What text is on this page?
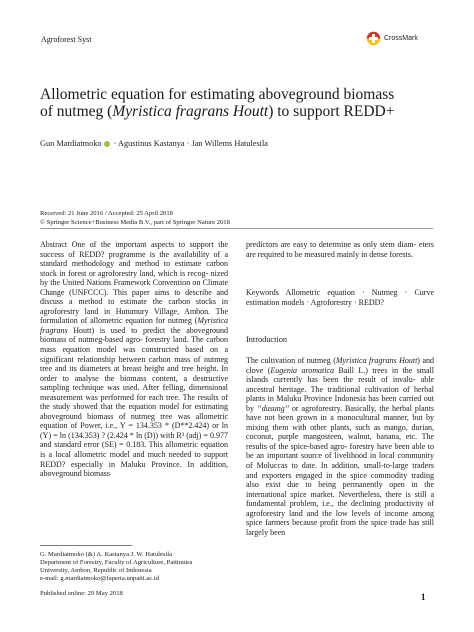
Agroforest Syst	CrossMark
Allometric equation for estimating aboveground biomass
of nutmeg (Myristica fragrans Houtt) to support REDD+
Gun Mardiatmoko · Agustinus Kastanya · Jan Willems Hatulesila
Received: 21 June 2016 / Accepted: 25 April 2018
© Springer Science+Business Media B.V., part of Springer Nature 2018

Abstract One of the important aspects to support the success of REDD? programme is the availability of a standard methodology and method to estimate carbon stock in forest or agroforestry land, which is recog- nized by the United Nations Framework Convention on Climate Change (UNFCCC). This paper aims to describe and discuss a method to estimate the carbon stocks in agroforestry land in Hutumury Village, Ambon. The formulation of allometric equation for nutmeg (Myristica fragrans Houtt) is used to predict the aboveground biomass of nutmeg-based agro- forestry land. The carbon mass equation model was constructed based on a significant relationship between carbon mass of nutmeg tree and its diameters at breast height and tree height. In order to analyse the biomass content, a destructive sampling technique was used. After felling, dimensional measurement was performed for each tree. The results of the study showed that the equation model for estimating aboveground biomass of nutmeg tree was allometric equation of Power, i.e., Y = 134.353 * (D**2.424) or ln (Y) = ln (134.353) ? (2.424 * ln (D)) with R² (adj) = 0.977 and standard error (SE) = 0.183. This allometric equation is a local allometric model and much needed to support REDD? especially in Maluku Province. In addition, aboveground biomass

predictors are easy to determine as only stem diam- eters are required to be measured mainly in dense forests.

Keywords Allometric equation · Nutmeg · Curve estimation models · Agroforestry · REDD?

Introduction

The cultivation of nutmeg (Myristica fragrans Houtt) and clove (Eugenia aromatica Baill L.) trees in the small islands currently has been the result of invalu- able ancestral heritage. The traditional cultivation of herbal plants in Maluku Province Indonesia has been carried out by ‘‘dusung’’ or agroforestry. Basically, the herbal plants have not been grown in a monocultural manner, but by mixing them with other plants, such as mango, durian, coconut, purple mangosteen, walnut, banana, etc. The results of the spice-based agro- forestry have been able to be an important source of livelihood in local community of Moluccas to date. In addition, small-to-large traders and exporters engaged in the spice commodity trading also exist due to being permanently open in the international spice market. Nevertheless, there is still a fundamental problem, i.e., the declining productivity of agroforestry land and the low levels of income among spice farmers because profit from the spice trade has still largely been

G. Mardiatmoko (&) A. Kastanya J. W. Hatulesila
Department of Forestry, Faculty of Agriculture, Pattimura
University, Ambon, Republic of Indonesia
e-mail: g.mardiatmoko@faperta.unpatti.ac.id
Published online: 29 May 2018	1
